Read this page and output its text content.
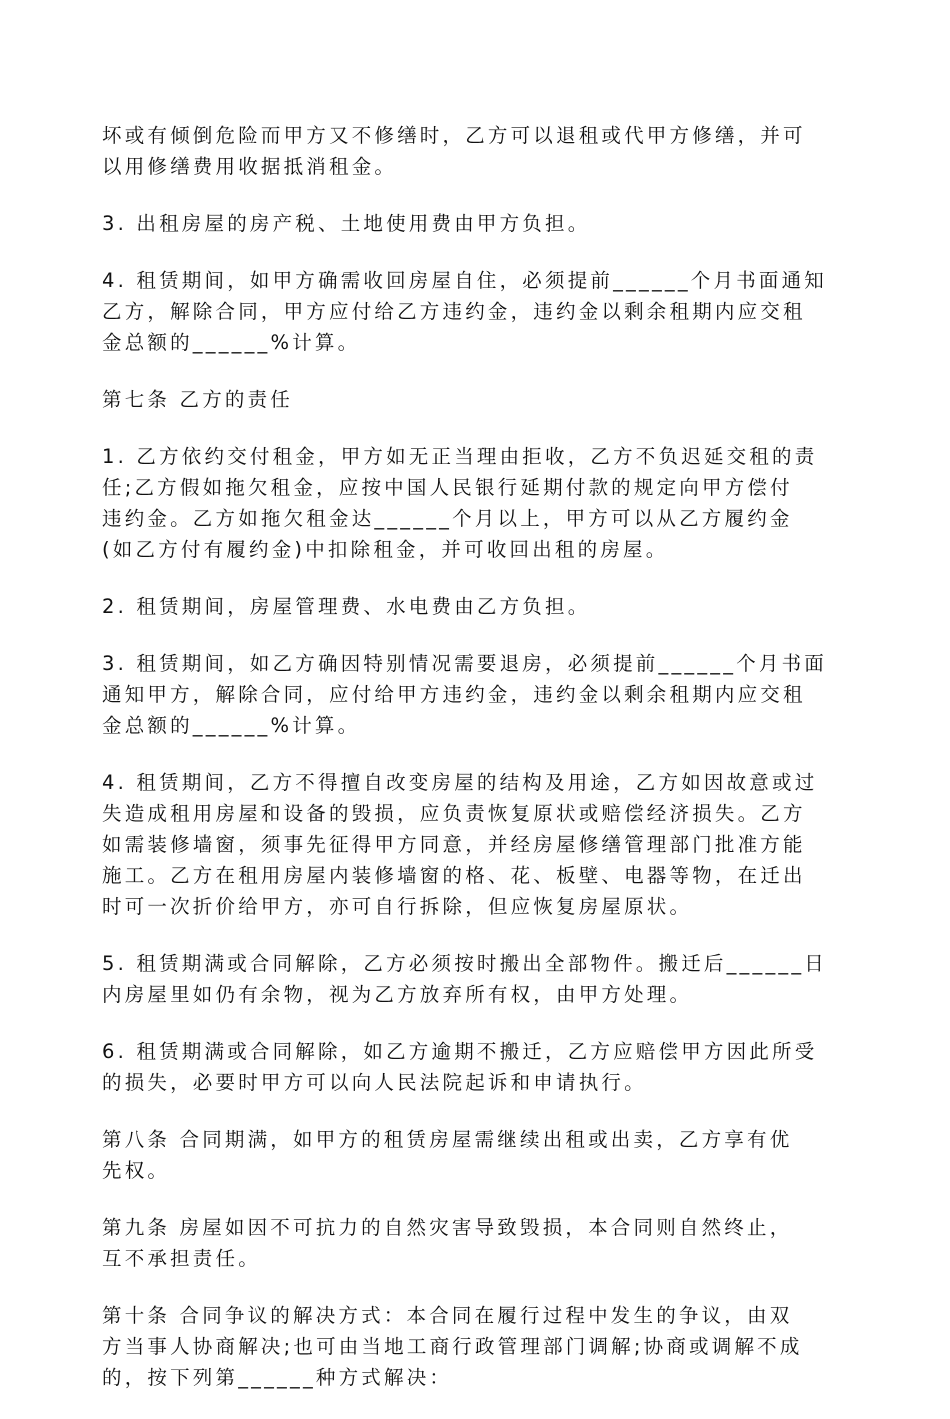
坏或有倾倒危险而甲方又不修缮时，乙方可以退租或代甲方修缮，并可
以用修缮费用收据抵消租金。
3. 出租房屋的房产税、土地使用费由甲方负担。
4. 租赁期间，如甲方确需收回房屋自住，必须提前______个月书面通知
乙方，解除合同，甲方应付给乙方违约金，违约金以剩余租期内应交租
金总额的______%计算。
第七条 乙方的责任
1. 乙方依约交付租金，甲方如无正当理由拒收，乙方不负迟延交租的责
任;乙方假如拖欠租金，应按中国人民银行延期付款的规定向甲方偿付
违约金。乙方如拖欠租金达______个月以上，甲方可以从乙方履约金
(如乙方付有履约金)中扣除租金，并可收回出租的房屋。
2. 租赁期间，房屋管理费、水电费由乙方负担。
3. 租赁期间，如乙方确因特别情况需要退房，必须提前______个月书面
通知甲方，解除合同，应付给甲方违约金，违约金以剩余租期内应交租
金总额的______%计算。
4. 租赁期间，乙方不得擅自改变房屋的结构及用途，乙方如因故意或过
失造成租用房屋和设备的毁损，应负责恢复原状或赔偿经济损失。乙方
如需装修墙窗，须事先征得甲方同意，并经房屋修缮管理部门批准方能
施工。乙方在租用房屋内装修墙窗的格、花、板壁、电器等物，在迁出
时可一次折价给甲方，亦可自行拆除，但应恢复房屋原状。
5. 租赁期满或合同解除，乙方必须按时搬出全部物件。搬迁后______日
内房屋里如仍有余物，视为乙方放弃所有权，由甲方处理。
6. 租赁期满或合同解除，如乙方逾期不搬迁，乙方应赔偿甲方因此所受
的损失，必要时甲方可以向人民法院起诉和申请执行。
第八条 合同期满，如甲方的租赁房屋需继续出租或出卖，乙方享有优
先权。
第九条 房屋如因不可抗力的自然灾害导致毁损，本合同则自然终止，
互不承担责任。
第十条 合同争议的解决方式：本合同在履行过程中发生的争议，由双
方当事人协商解决;也可由当地工商行政管理部门调解;协商或调解不成
的，按下列第______种方式解决：
